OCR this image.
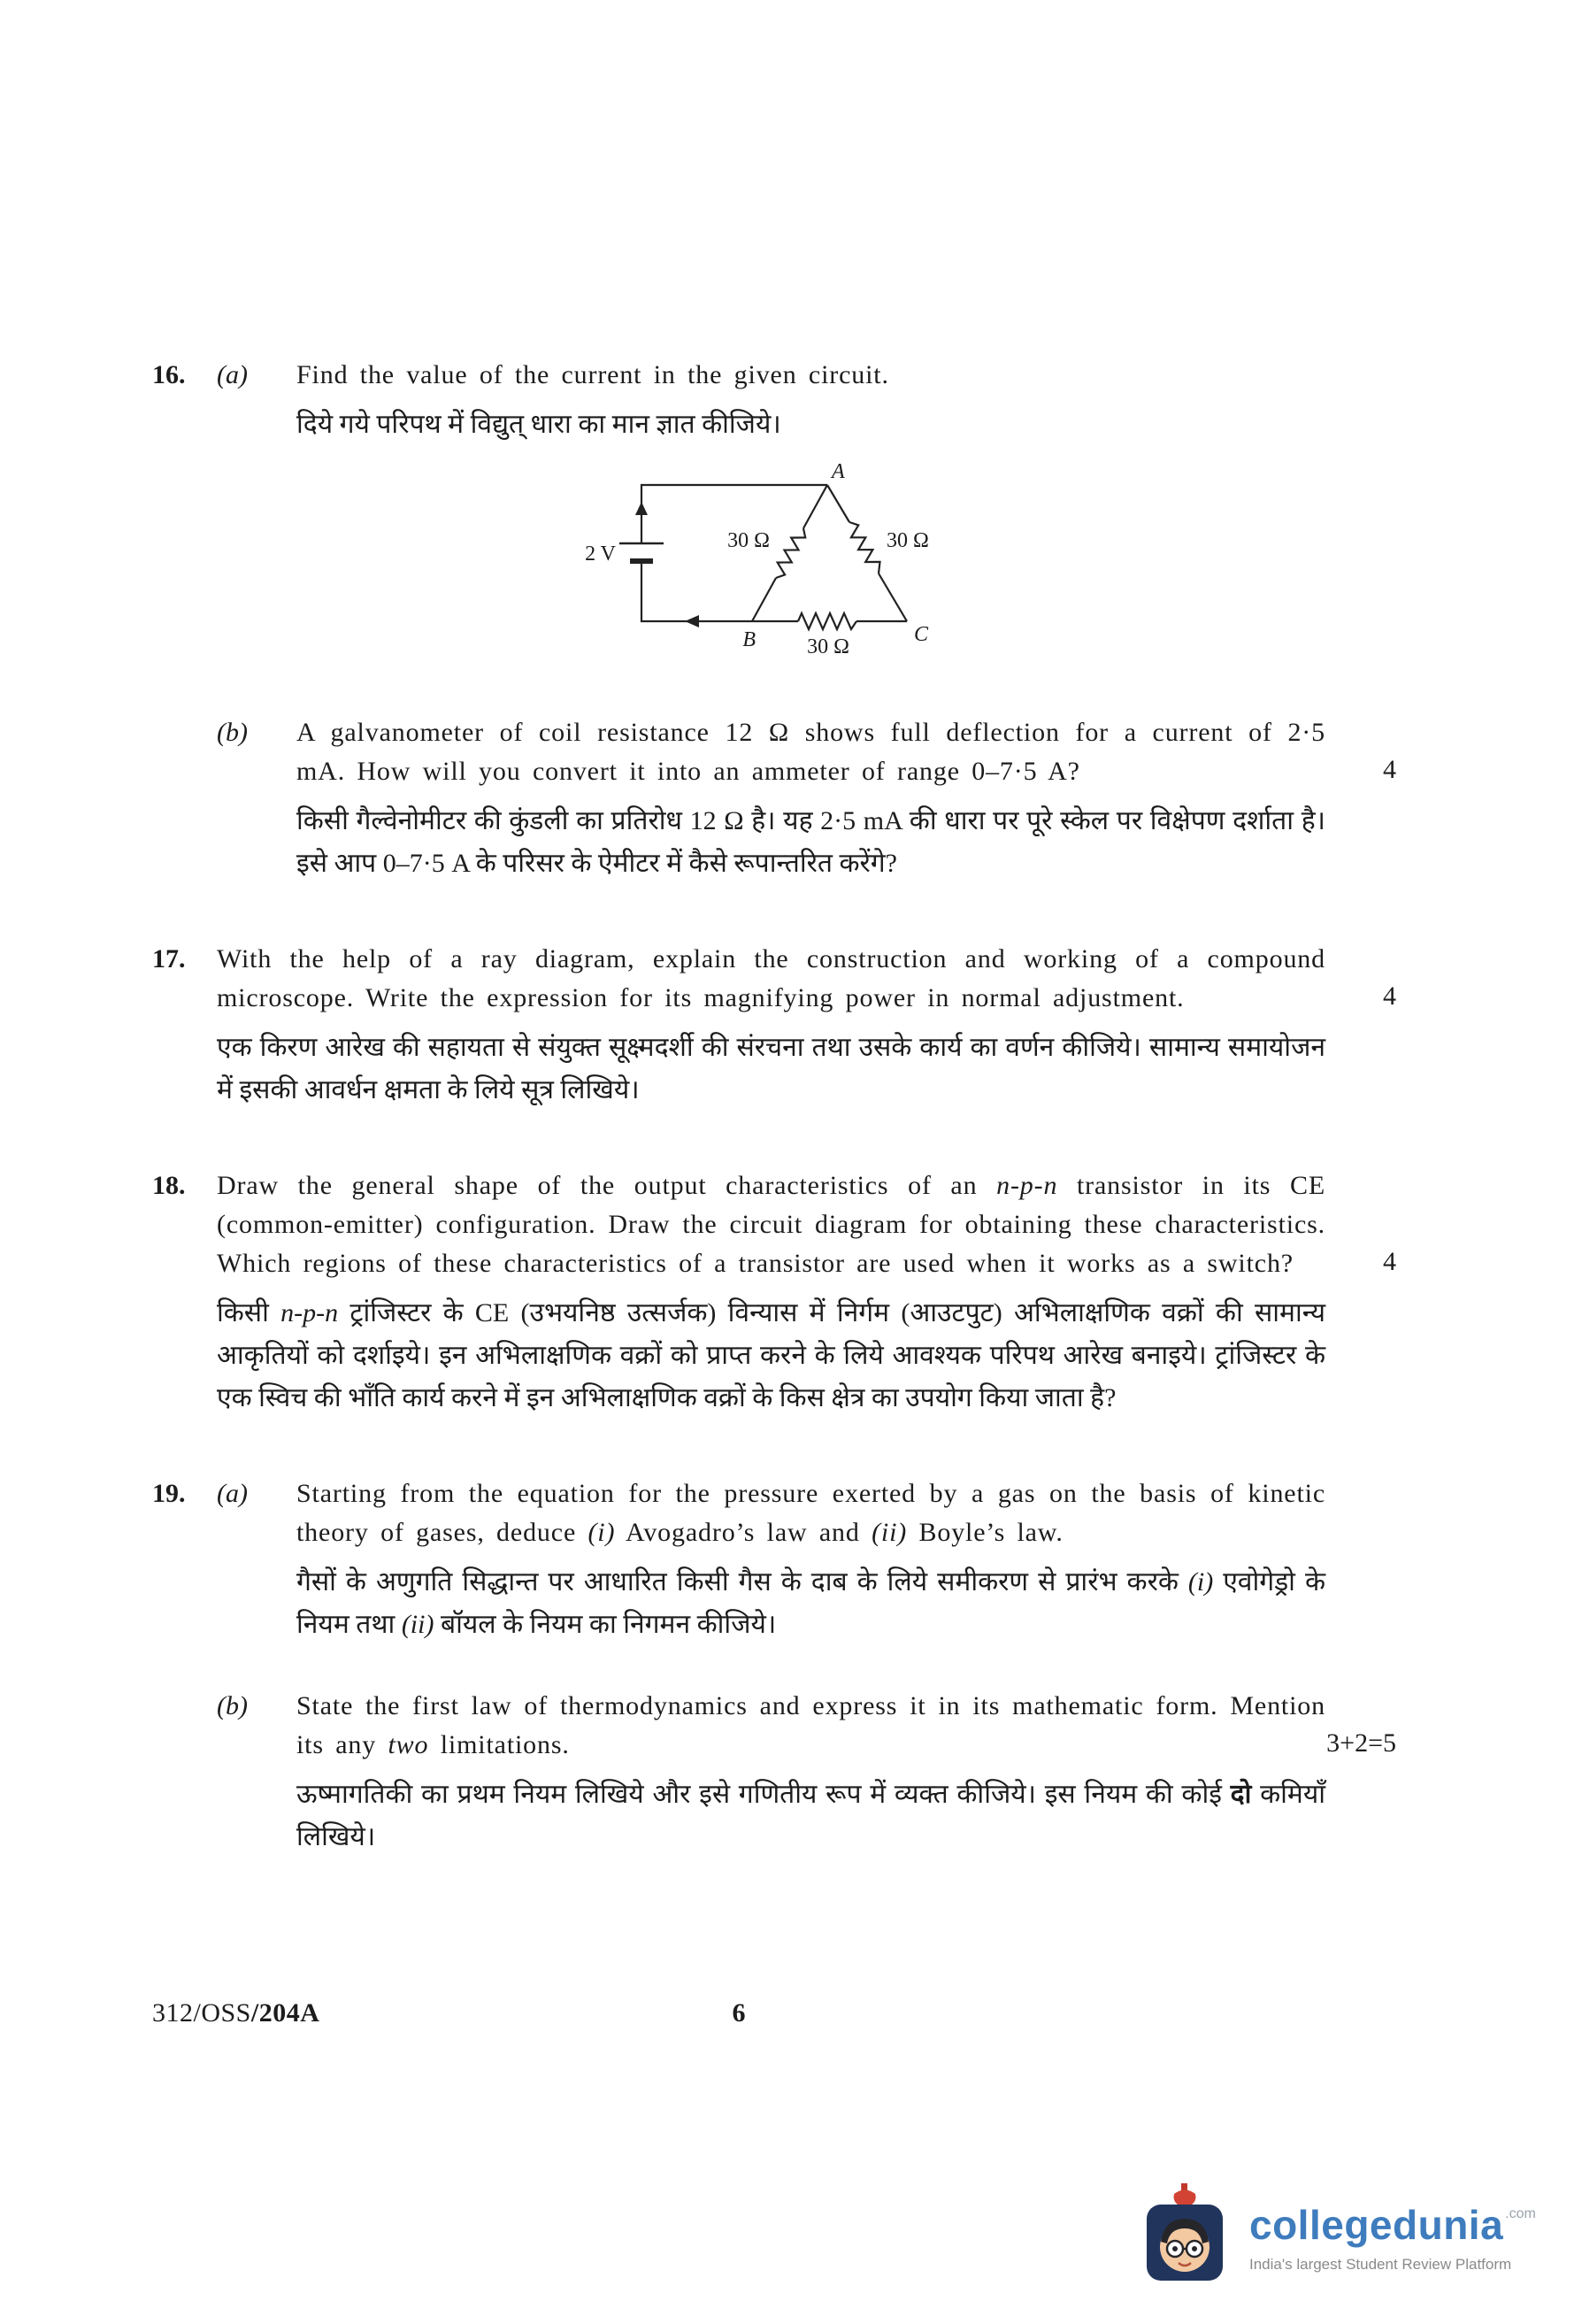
16.	(a)	Find the value of the current in the given circuit.

दिये गये परिपथ में विद्युत् धारा का मान ज्ञात कीजिये।

2 V
30 Ω	30 Ω
30 Ω
A
B	C
(b)	A galvanometer of coil resistance 12 Ω shows full deflection for a current of 2·5 mA. How will you convert it into an ammeter of range 0–7·5 A?	4

किसी गैल्वेनोमीटर की कुंडली का प्रतिरोध 12 Ω है। यह 2·5 mA की धारा पर पूरे स्केल पर विक्षेपण दर्शाता है। इसे आप 0–7·5 A के परिसर के ऐमीटर में कैसे रूपान्तरित करेंगे?

17.	With the help of a ray diagram, explain the construction and working of a compound microscope. Write the expression for its magnifying power in normal adjustment.	4

एक किरण आरेख की सहायता से संयुक्त सूक्ष्मदर्शी की संरचना तथा उसके कार्य का वर्णन कीजिये। सामान्य समायोजन में इसकी आवर्धन क्षमता के लिये सूत्र लिखिये।

18.	Draw the general shape of the output characteristics of an n-p-n transistor in its CE (common-emitter) configuration. Draw the circuit diagram for obtaining these characteristics. Which regions of these characteristics of a transistor are used when it works as a switch?	4

किसी n-p-n ट्रांजिस्टर के CE (उभयनिष्ठ उत्सर्जक) विन्यास में निर्गम (आउटपुट) अभिलाक्षणिक वक्रों की सामान्य आकृतियों को दर्शाइये। इन अभिलाक्षणिक वक्रों को प्राप्त करने के लिये आवश्यक परिपथ आरेख बनाइये। ट्रांजिस्टर के एक स्विच की भाँति कार्य करने में इन अभिलाक्षणिक वक्रों के किस क्षेत्र का उपयोग किया जाता है?

19.	(a)	Starting from the equation for the pressure exerted by a gas on the basis of kinetic theory of gases, deduce (i) Avogadro’s law and (ii) Boyle’s law.

गैसों के अणुगति सिद्धान्त पर आधारित किसी गैस के दाब के लिये समीकरण से प्रारंभ करके (i) एवोगेड्रो के नियम तथा (ii) बॉयल के नियम का निगमन कीजिये।

(b)	State the first law of thermodynamics and express it in its mathematic form. Mention its any two limitations.	3+2=5

ऊष्मागतिकी का प्रथम नियम लिखिये और इसे गणितीय रूप में व्यक्त कीजिये। इस नियम की कोई दो कमियाँ लिखिये।

312/OSS/204A	6
collegedunia .com
India's largest Student Review Platform
